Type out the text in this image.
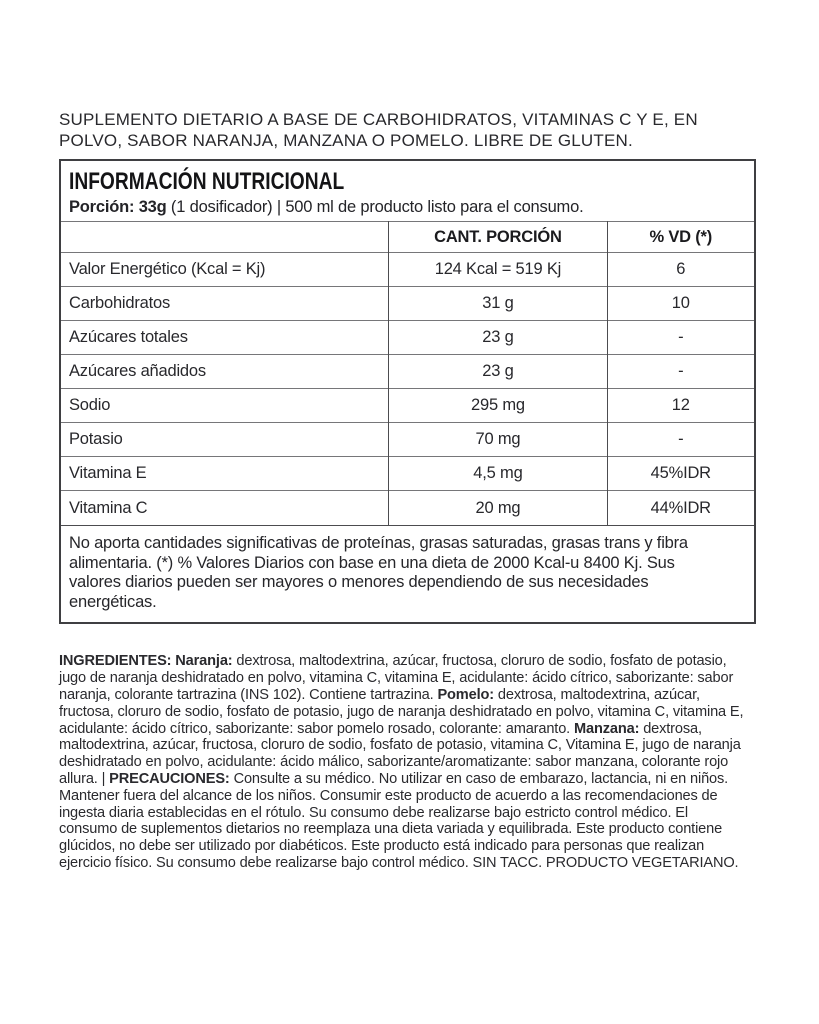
SUPLEMENTO DIETARIO A BASE DE CARBOHIDRATOS, VITAMINAS C Y E, EN POLVO, SABOR NARANJA, MANZANA O POMELO. LIBRE DE GLUTEN.

INFORMACIÓN NUTRICIONAL
Porción: 33g (1 dosificador) | 500 ml de producto listo para el consumo.
	CANT. PORCIÓN	% VD (*)
Valor Energético (Kcal = Kj)	124 Kcal = 519 Kj	6
Carbohidratos	31 g	10
Azúcares totales	23 g	-
Azúcares añadidos	23 g	-
Sodio	295 mg	12
Potasio	70 mg	-
Vitamina E	4,5 mg	45%IDR
Vitamina C	20 mg	44%IDR

No aporta cantidades significativas de proteínas, grasas saturadas, grasas trans y fibra alimentaria. (*) % Valores Diarios con base en una dieta de 2000 Kcal-u 8400 Kj. Sus valores diarios pueden ser mayores o menores dependiendo de sus necesidades energéticas.

INGREDIENTES: Naranja: dextrosa, maltodextrina, azúcar, fructosa, cloruro de sodio, fosfato de potasio, jugo de naranja deshidratado en polvo, vitamina C, vitamina E, acidulante: ácido cítrico, saborizante: sabor naranja, colorante tartrazina (INS 102). Contiene tartrazina. Pomelo: dextrosa, maltodextrina, azúcar, fructosa, cloruro de sodio, fosfato de potasio, jugo de naranja deshidratado en polvo, vitamina C, vitamina E, acidulante: ácido cítrico, saborizante: sabor pomelo rosado, colorante: amaranto. Manzana: dextrosa, maltodextrina, azúcar, fructosa, cloruro de sodio, fosfato de potasio, vitamina C, Vitamina E, jugo de naranja deshidratado en polvo, acidulante: ácido málico, saborizante/aromatizante: sabor manzana, colorante rojo allura. | PRECAUCIONES: Consulte a su médico. No utilizar en caso de embarazo, lactancia, ni en niños. Mantener fuera del alcance de los niños. Consumir este producto de acuerdo a las recomendaciones de ingesta diaria establecidas en el rótulo. Su consumo debe realizarse bajo estricto control médico. El consumo de suplementos dietarios no reemplaza una dieta variada y equilibrada. Este producto contiene glúcidos, no debe ser utilizado por diabéticos. Este producto está indicado para personas que realizan ejercicio físico. Su consumo debe realizarse bajo control médico. SIN TACC. PRODUCTO VEGETARIANO.
